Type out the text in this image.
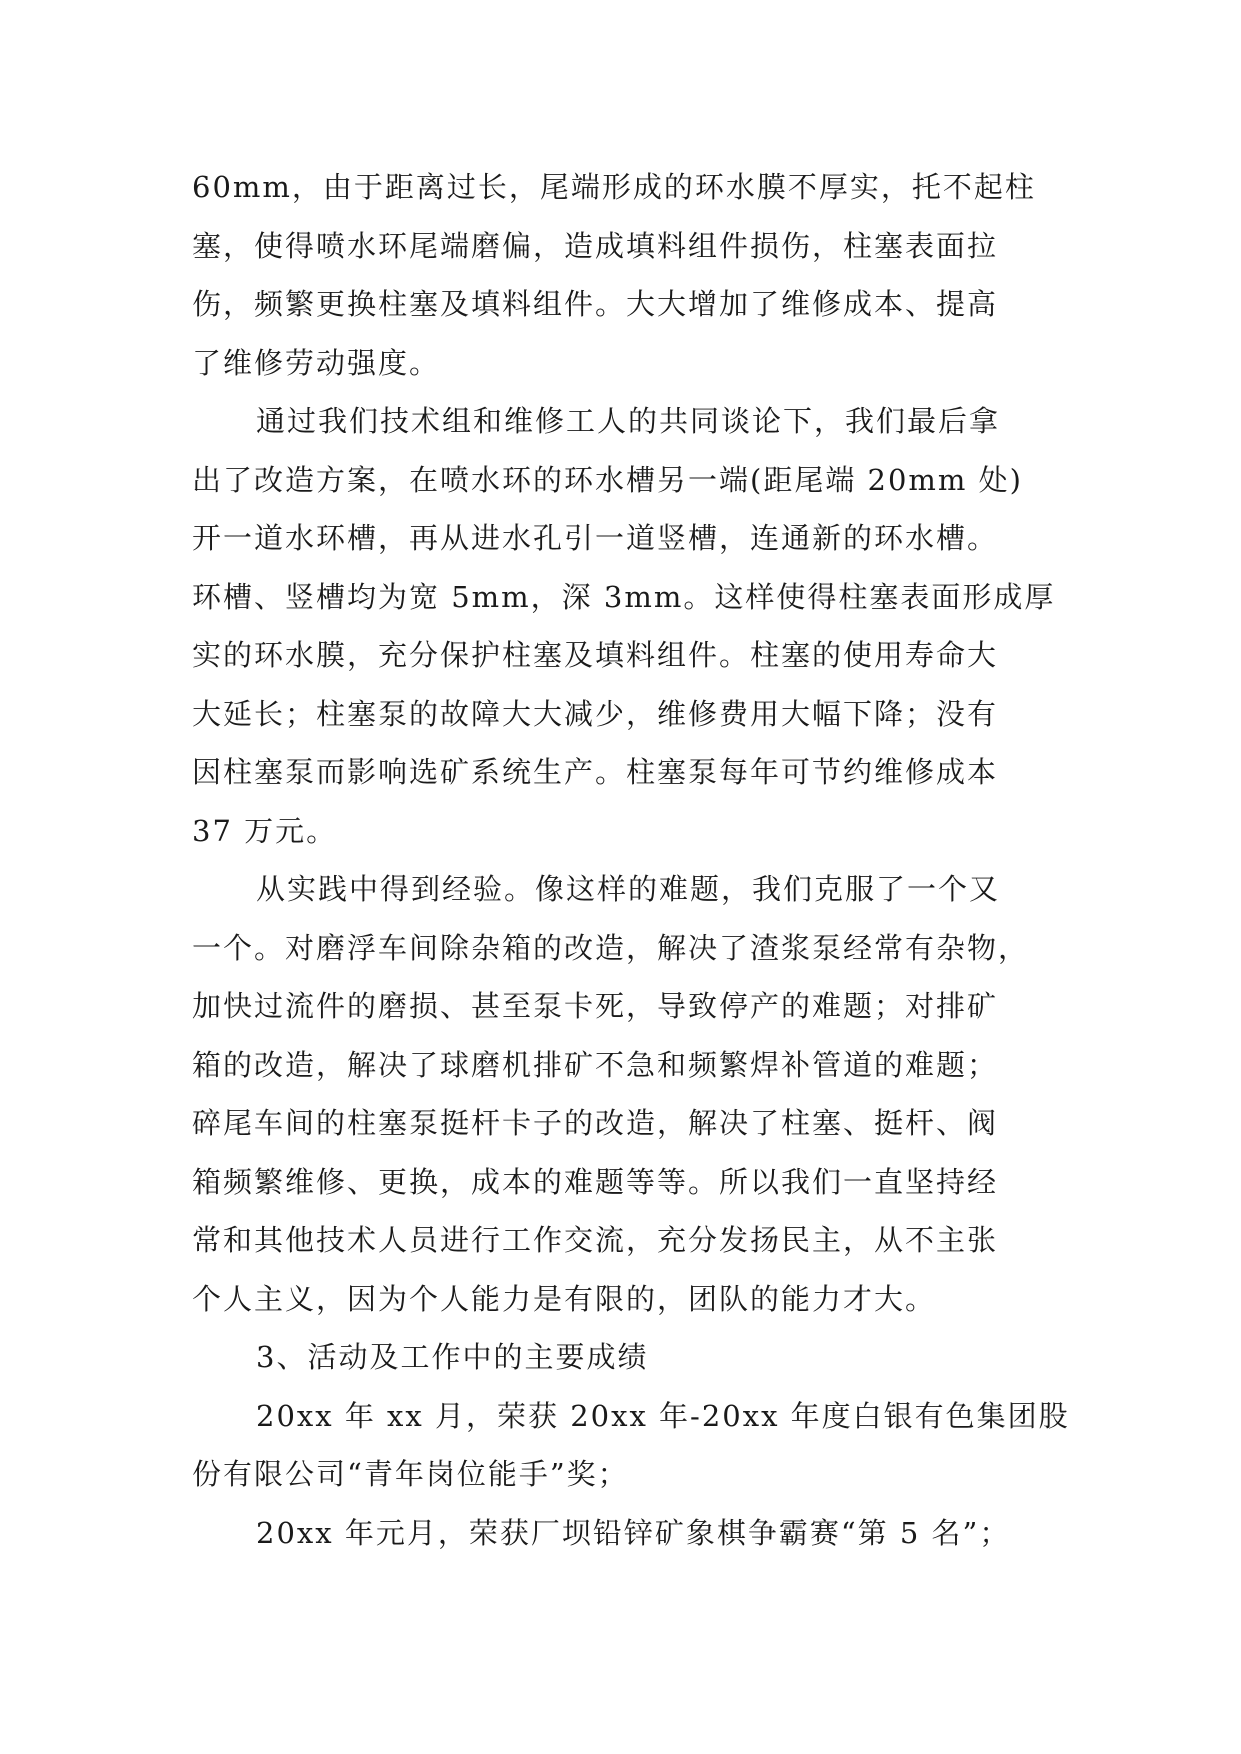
60mm，由于距离过长，尾端形成的环水膜不厚实，托不起柱
塞，使得喷水环尾端磨偏，造成填料组件损伤，柱塞表面拉
伤，频繁更换柱塞及填料组件。大大增加了维修成本、提高
了维修劳动强度。
通过我们技术组和维修工人的共同谈论下，我们最后拿
出了改造方案，在喷水环的环水槽另一端(距尾端 20mm 处)
开一道水环槽，再从进水孔引一道竖槽，连通新的环水槽。
环槽、竖槽均为宽 5mm，深 3mm。这样使得柱塞表面形成厚
实的环水膜，充分保护柱塞及填料组件。柱塞的使用寿命大
大延长；柱塞泵的故障大大减少，维修费用大幅下降；没有
因柱塞泵而影响选矿系统生产。柱塞泵每年可节约维修成本
37 万元。
从实践中得到经验。像这样的难题，我们克服了一个又
一个。对磨浮车间除杂箱的改造，解决了渣浆泵经常有杂物，
加快过流件的磨损、甚至泵卡死，导致停产的难题；对排矿
箱的改造，解决了球磨机排矿不急和频繁焊补管道的难题；
碎尾车间的柱塞泵挺杆卡子的改造，解决了柱塞、挺杆、阀
箱频繁维修、更换，成本的难题等等。所以我们一直坚持经
常和其他技术人员进行工作交流，充分发扬民主，从不主张
个人主义，因为个人能力是有限的，团队的能力才大。
3、活动及工作中的主要成绩
20xx 年 xx 月，荣获 20xx 年-20xx 年度白银有色集团股
份有限公司“青年岗位能手”奖；
20xx 年元月，荣获厂坝铅锌矿象棋争霸赛“第 5 名”；
